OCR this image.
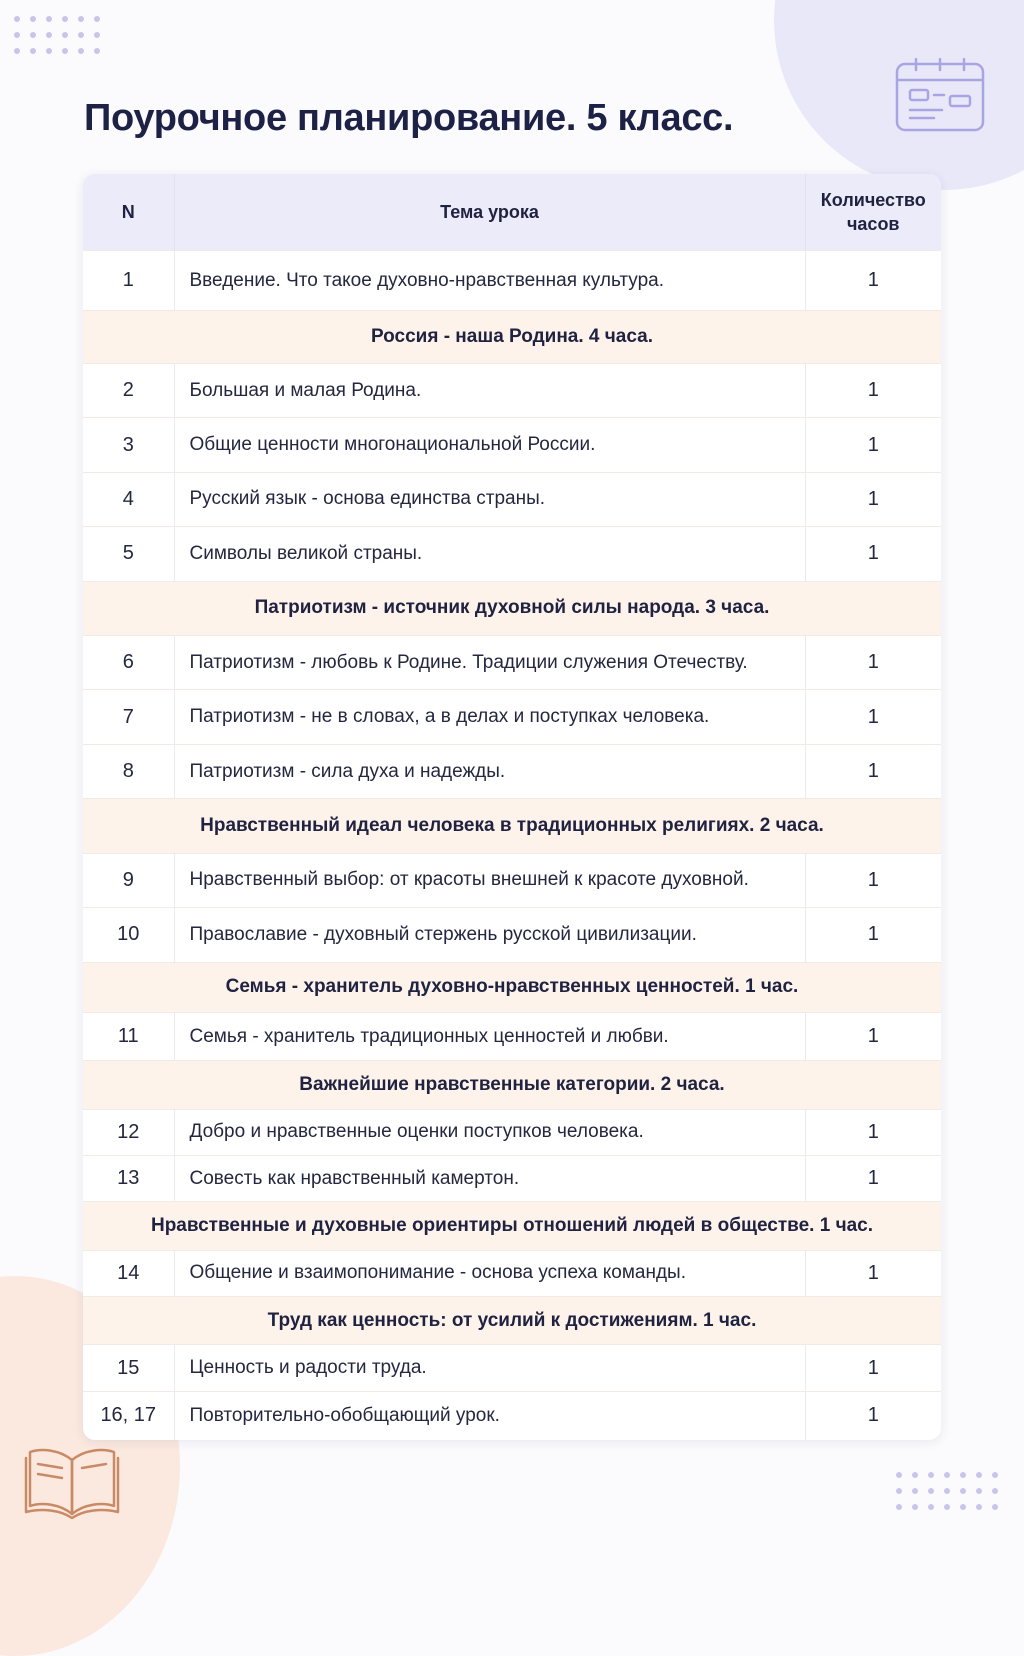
Поурочное планирование. 5 класс.
N	Тема урока	Количество часов
1	Введение. Что такое духовно-нравственная культура.	1
Россия - наша Родина. 4 часа.		
2	Большая и малая Родина.	1
3	Общие ценности многонациональной России.	1
4	Русский язык - основа единства страны.	1
5	Символы великой страны.	1
Патриотизм - источник духовной силы народа. 3 часа.		
6	Патриотизм - любовь к Родине. Традиции служения Отечеству.	1
7	Патриотизм - не в словах, а в делах и поступках человека.	1
8	Патриотизм - сила духа и надежды.	1
Нравственный идеал человека в традиционных религиях. 2 часа.		
9	Нравственный выбор: от красоты внешней к красоте духовной.	1
10	Православие - духовный стержень русской цивилизации.	1
Семья - хранитель духовно-нравственных ценностей. 1 час.		
11	Семья - хранитель традиционных ценностей и любви.	1
Важнейшие нравственные категории. 2 часа.		
12	Добро и нравственные оценки поступков человека.	1
13	Совесть как нравственный камертон.	1
Нравственные и духовные ориентиры отношений людей в обществе. 1 час.		
14	Общение и взаимопонимание - основа успеха команды.	1
Труд как ценность: от усилий к достижениям. 1 час.		
15	Ценность и радости труда.	1
16, 17	Повторительно-обобщающий урок.	1
